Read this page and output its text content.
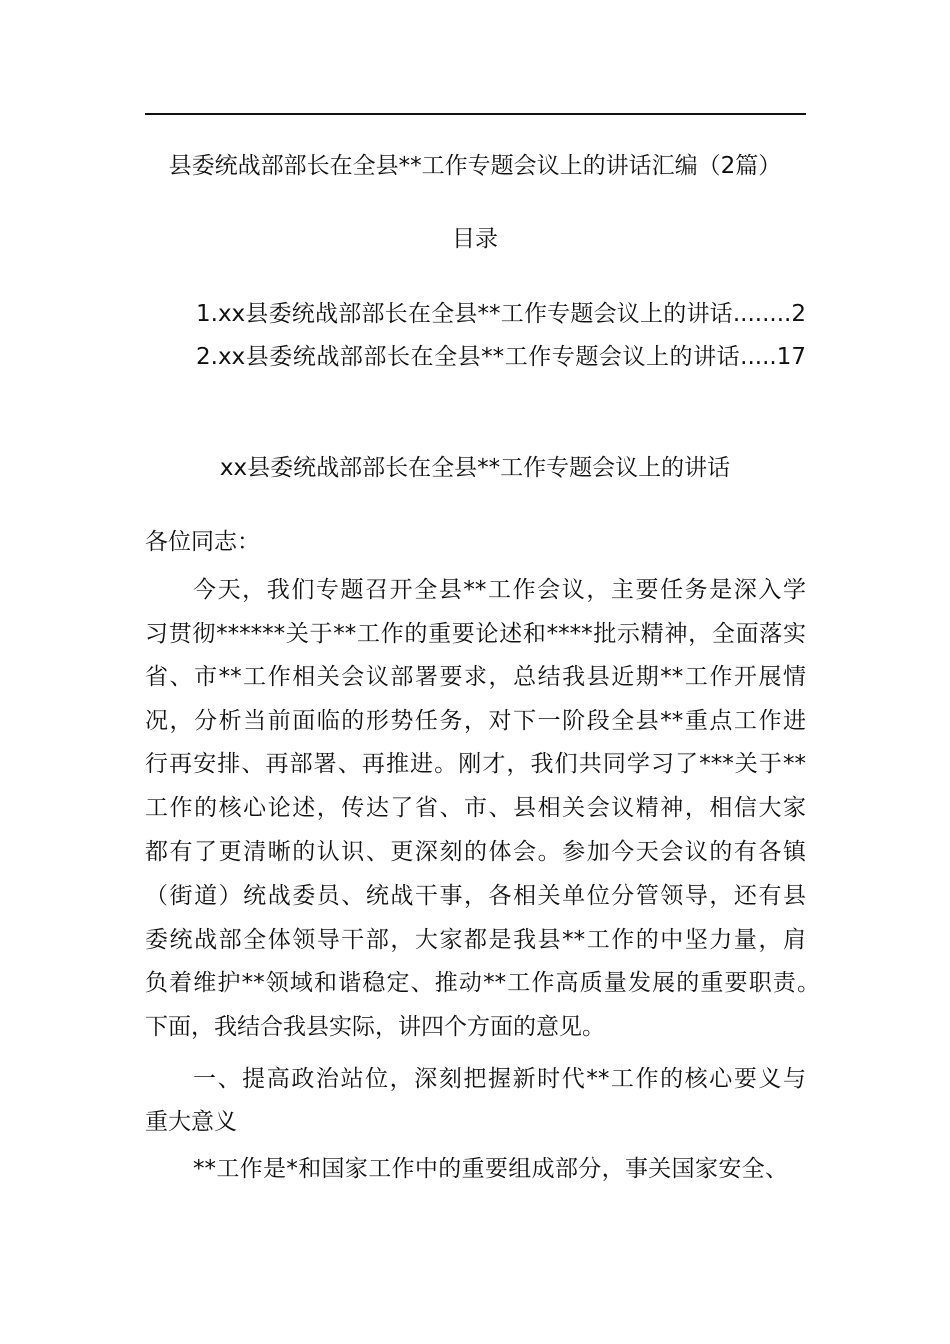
县委统战部部长在全县**工作专题会议上的讲话汇编（2篇）
目录
1.xx县委统战部部长在全县**工作专题会议上的讲话........2
2.xx县委统战部部长在全县**工作专题会议上的讲话.....17
xx县委统战部部长在全县**工作专题会议上的讲话
各位同志：
今天，我们专题召开全县**工作会议，主要任务是深入学
习贯彻******关于**工作的重要论述和****批示精神，全面落实
省、市**工作相关会议部署要求，总结我县近期**工作开展情
况，分析当前面临的形势任务，对下一阶段全县**重点工作进
行再安排、再部署、再推进。刚才，我们共同学习了***关于**
工作的核心论述，传达了省、市、县相关会议精神，相信大家
都有了更清晰的认识、更深刻的体会。参加今天会议的有各镇
（街道）统战委员、统战干事，各相关单位分管领导，还有县
委统战部全体领导干部，大家都是我县**工作的中坚力量，肩
负着维护**领域和谐稳定、推动**工作高质量发展的重要职责。
下面，我结合我县实际，讲四个方面的意见。
一、提高政治站位，深刻把握新时代**工作的核心要义与
重大意义
**工作是*和国家工作中的重要组成部分，事关国家安全、
